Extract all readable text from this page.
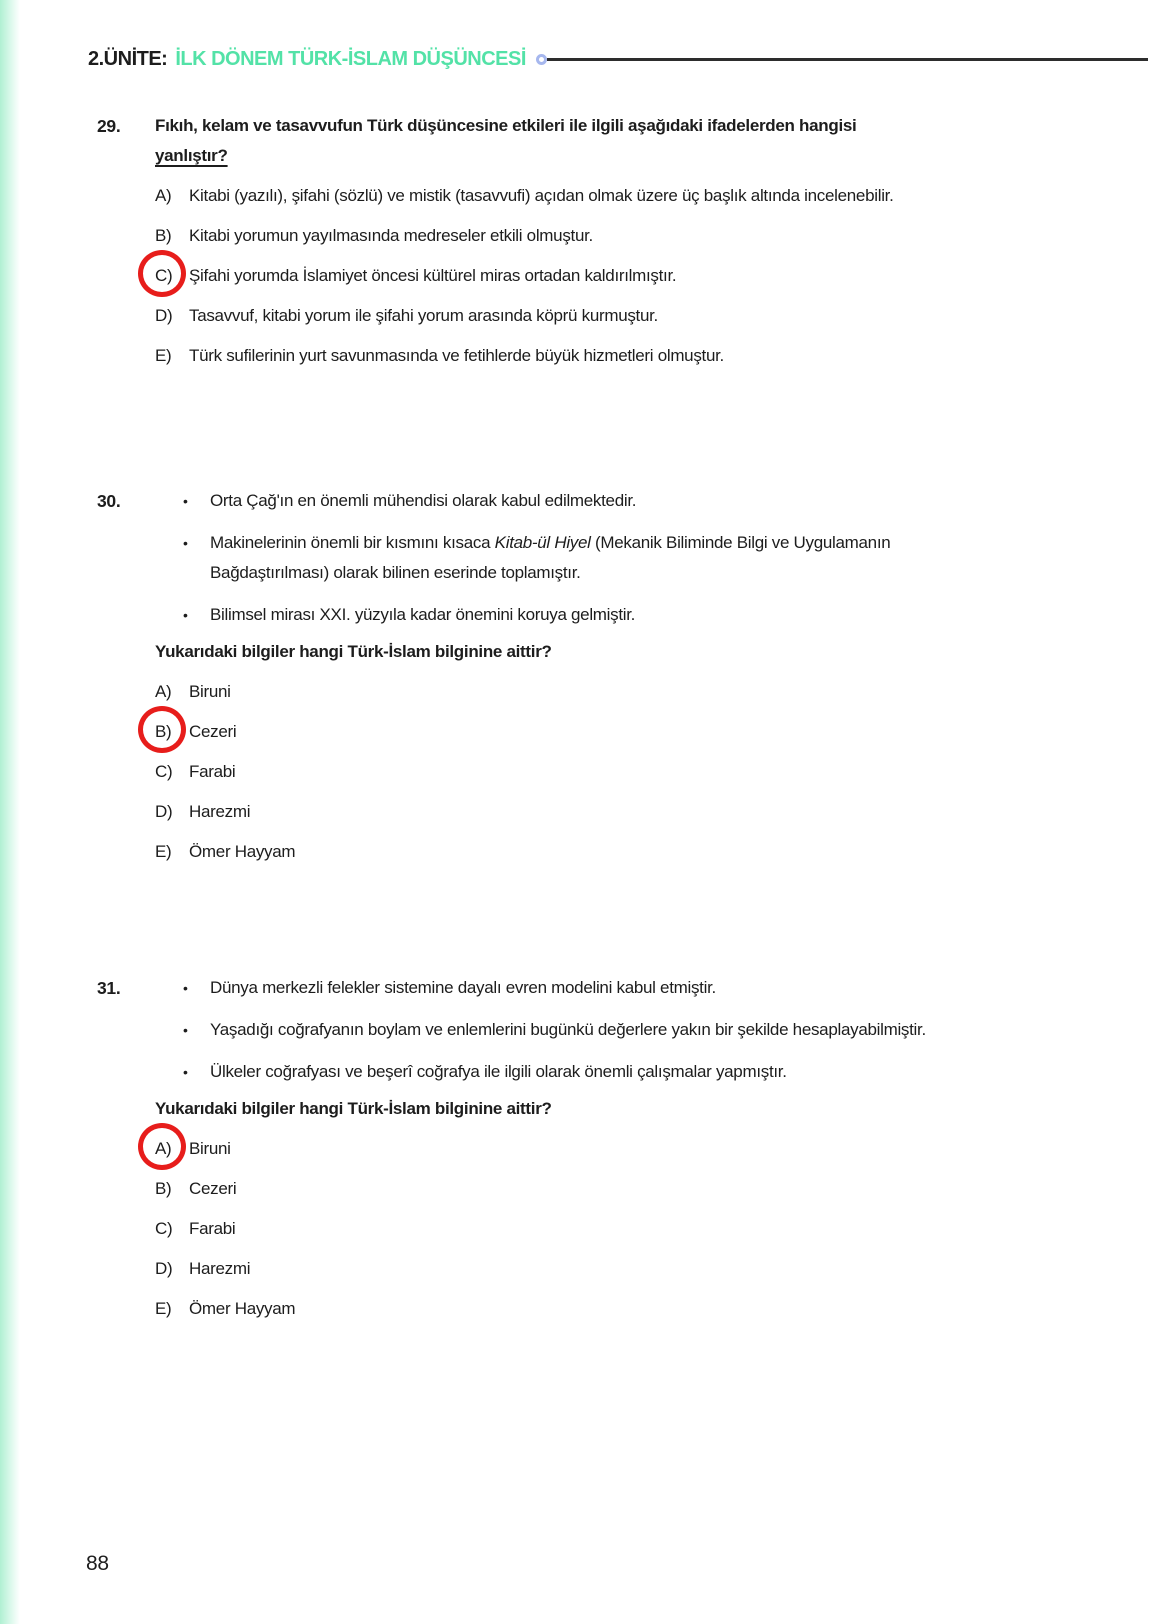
2.ÜNİTE: İLK DÖNEM TÜRK-İSLAM DÜŞÜNCESİ
29.	Fıkıh, kelam ve tasavvufun Türk düşüncesine etkileri ile ilgili aşağıdaki ifadelerden hangisi
yanlıştır?
A)	Kitabi (yazılı), şifahi (sözlü) ve mistik (tasavvufi) açıdan olmak üzere üç başlık altında incelenebilir.
B)	Kitabi yorumun yayılmasında medreseler etkili olmuştur.
C) Şifahi yorumda İslamiyet öncesi kültürel miras ortadan kaldırılmıştır.
D) Tasavvuf, kitabi yorum ile şifahi yorum arasında köprü kurmuştur.
E)	Türk sufilerinin yurt savunmasında ve fetihlerde büyük hizmetleri olmuştur.
30.	•	Orta Çağ'ın en önemli mühendisi olarak kabul edilmektedir.
•	Makinelerinin önemli bir kısmını kısaca Kitab-ül Hiyel (Mekanik Biliminde Bilgi ve Uygulamanın Bağdaştırılması) olarak bilinen eserinde toplamıştır.
•	Bilimsel mirası XXI. yüzyıla kadar önemini koruya gelmiştir.
Yukarıdaki bilgiler hangi Türk-İslam bilginine aittir?
A)	Biruni
B)	Cezeri
C) Farabi
D) Harezmi
E)	Ömer Hayyam
31.	•	Dünya merkezli felekler sistemine dayalı evren modelini kabul etmiştir.
•	Yaşadığı coğrafyanın boylam ve enlemlerini bugünkü değerlere yakın bir şekilde hesaplayabilmiştir.
•	Ülkeler coğrafyası ve beşerî coğrafya ile ilgili olarak önemli çalışmalar yapmıştır.
Yukarıdaki bilgiler hangi Türk-İslam bilginine aittir?
A)	Biruni
B)	Cezeri
C) Farabi
D) Harezmi
E)	Ömer Hayyam
88
